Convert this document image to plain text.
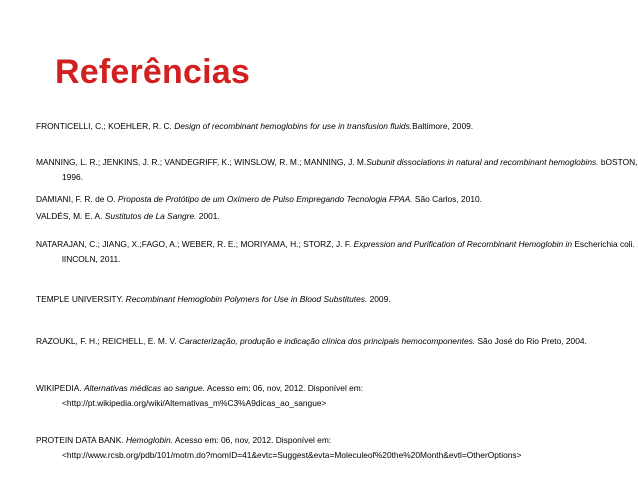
Referências
FRONTICELLI, C.; KOEHLER, R. C. Design of recombinant hemoglobins for use in transfusion fluids.Baltimore, 2009.
MANNING, L. R.; JENKINS, J. R.; VANDEGRIFF, K.; WINSLOW, R. M.; MANNING, J. M.Subunit dissociations in natural and recombinant hemoglobins. bOSTON, 1996.
DAMIANI, F. R. de O. Proposta de Protótipo de um Oxímero de Pulso Empregando Tecnologia FPAA. São Carlos, 2010.
VALDÉS, M. E. A. Sustitutos de La Sangre. 2001.
NATARAJAN, C.; JIANG, X.;FAGO, A.; WEBER, R. E.; MORIYAMA, H.; STORZ, J. F. Expression and Purification of Recombinant Hemoglobin in Escherichia coli. lINCOLN, 2011.
TEMPLE UNIVERSITY. Recombinant Hemoglobin Polymers for Use in Blood Substitutes. 2009.
RAZOUKL, F. H.; REICHELL, E. M. V. Caracterização, produção e indicação clínica dos principais hemocomponentes. São José do Rio Preto, 2004.
WIKIPEDIA. Alternativas médicas ao sangue. Acesso em: 06, nov, 2012. Disponível em:
<http://pt.wikipedia.org/wiki/Alternativas_m%C3%A9dicas_ao_sangue>
PROTEIN DATA BANK. Hemoglobin. Acesso em: 06, nov, 2012. Disponível em:
<http://www.rcsb.org/pdb/101/motm.do?momID=41&evtc=Suggest&evta=Moleculeof%20the%20Month&evtl=OtherOptions>
